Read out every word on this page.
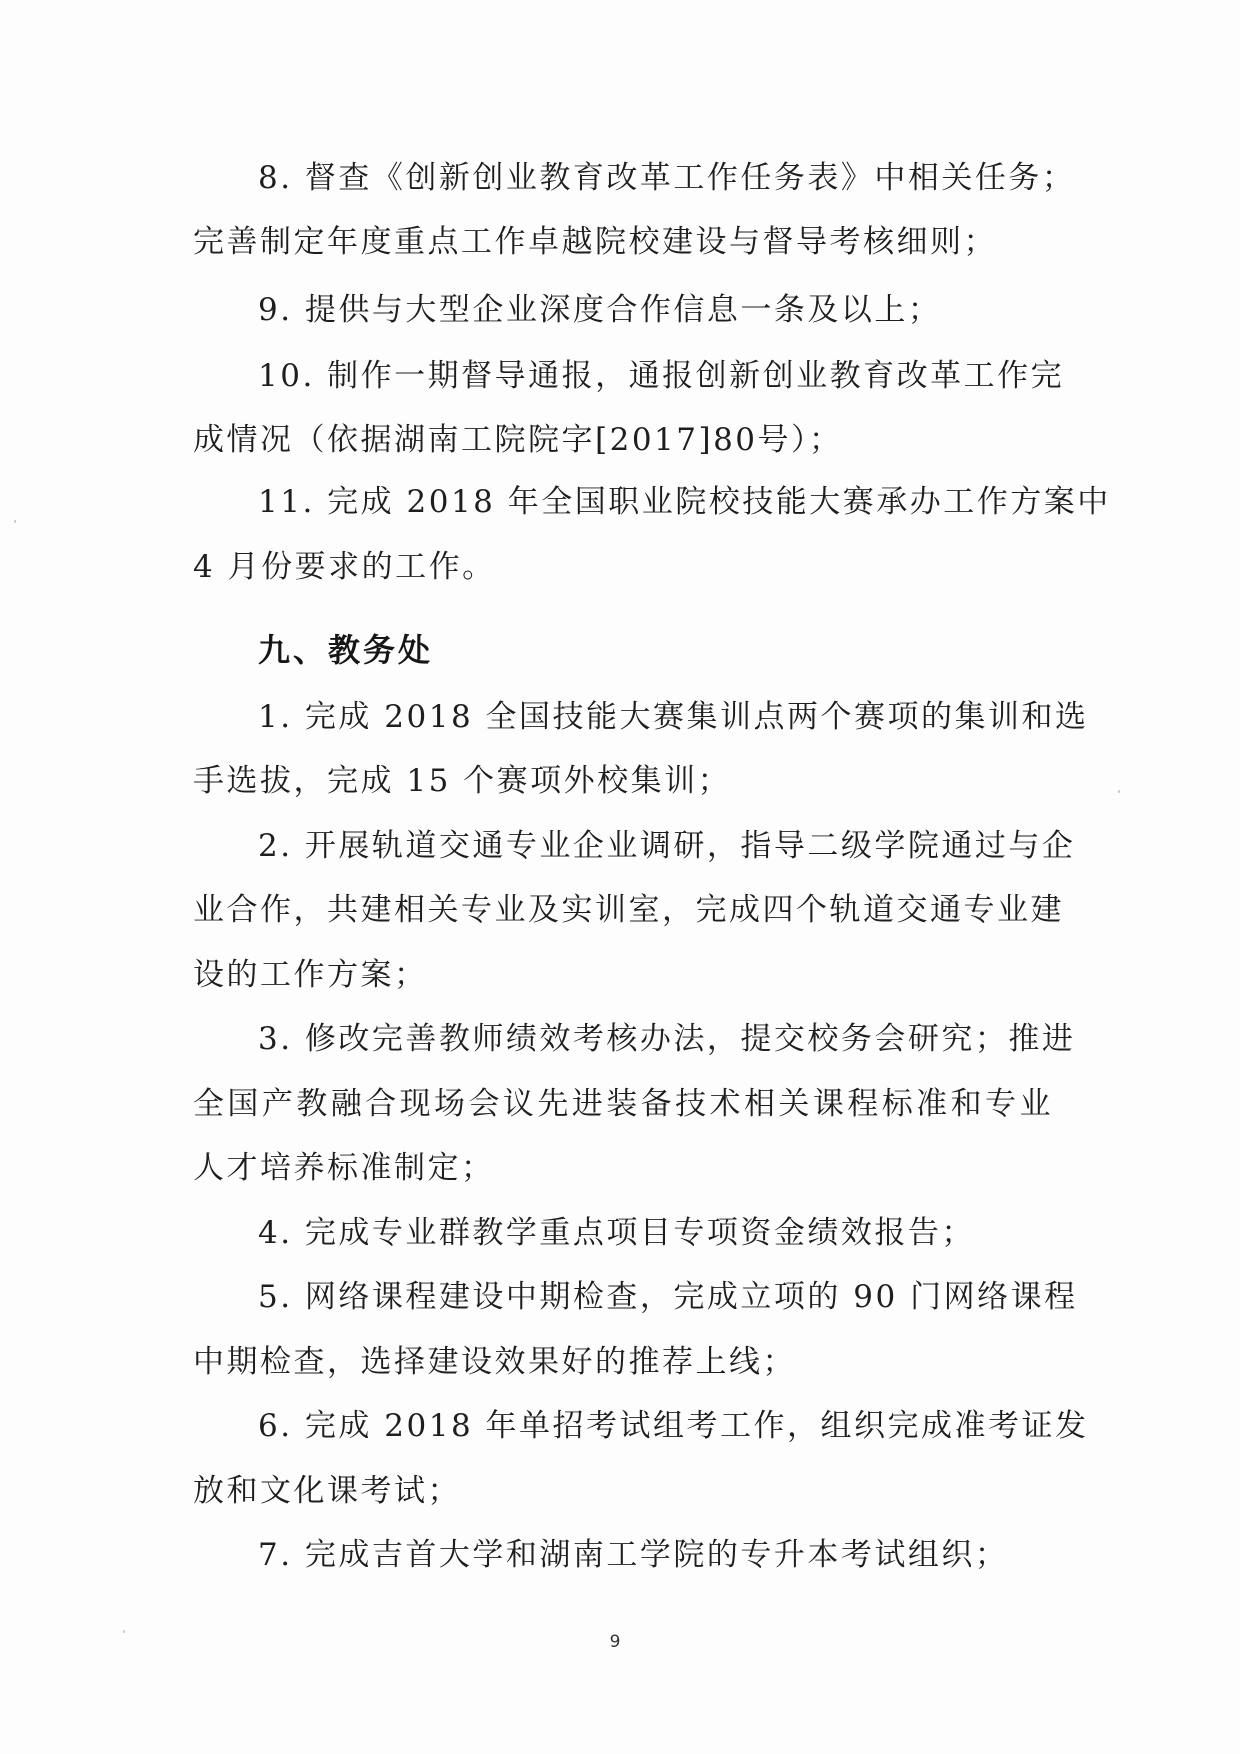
8. 督查《创新创业教育改革工作任务表》中相关任务；
完善制定年度重点工作卓越院校建设与督导考核细则；
9. 提供与大型企业深度合作信息一条及以上；
10. 制作一期督导通报，通报创新创业教育改革工作完
成情况（依据湖南工院院字[2017]80号）；
11. 完成 2018 年全国职业院校技能大赛承办工作方案中
4 月份要求的工作。
九、教务处
1. 完成 2018 全国技能大赛集训点两个赛项的集训和选
手选拔，完成 15 个赛项外校集训；
2. 开展轨道交通专业企业调研，指导二级学院通过与企
业合作，共建相关专业及实训室，完成四个轨道交通专业建
设的工作方案；
3. 修改完善教师绩效考核办法，提交校务会研究；推进
全国产教融合现场会议先进装备技术相关课程标准和专业
人才培养标准制定；
4. 完成专业群教学重点项目专项资金绩效报告；
5. 网络课程建设中期检查，完成立项的 90 门网络课程
中期检查，选择建设效果好的推荐上线；
6. 完成 2018 年单招考试组考工作，组织完成准考证发
放和文化课考试；
7. 完成吉首大学和湖南工学院的专升本考试组织；
9
